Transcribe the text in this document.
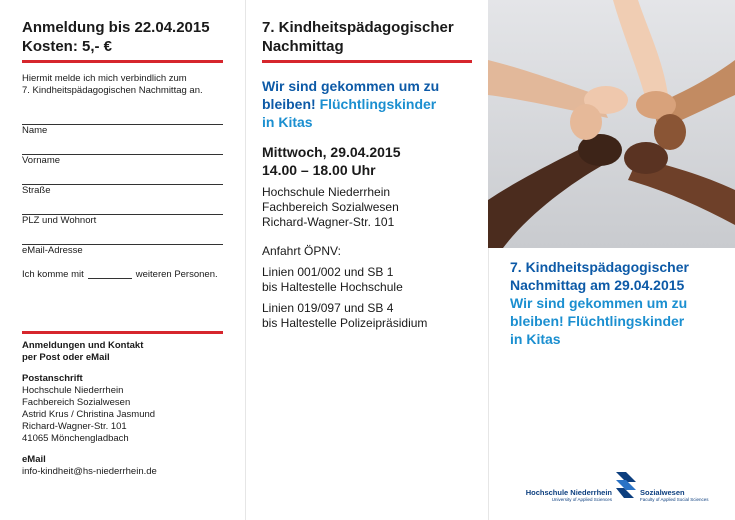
Anmeldung bis 22.04.2015
Kosten: 5,- €
Hiermit melde ich mich verbindlich zum
7. Kindheitspädagogischen Nachmittag an.
Name
Vorname
Straße
PLZ und Wohnort
eMail-Adresse
Ich komme mit	weiteren Personen.
Anmeldungen und Kontakt
per Post oder eMail
Postanschrift
Hochschule Niederrhein
Fachbereich Sozialwesen
Astrid Krus / Christina Jasmund
Richard-Wagner-Str. 101
41065 Mönchengladbach
eMail
info-kindheit@hs-niederrhein.de
7. Kindheitspädagogischer
Nachmittag
Wir sind gekommen um zu
bleiben! Flüchtlingskinder
in Kitas
Mittwoch, 29.04.2015
14.00 – 18.00 Uhr
Hochschule Niederrhein
Fachbereich Sozialwesen
Richard-Wagner-Str. 101
Anfahrt ÖPNV:
Linien 001/002 und SB 1
bis Haltestelle Hochschule
Linien 019/097 und SB 4
bis Haltestelle Polizeipräsidium
7. Kindheitspädagogischer
Nachmittag am 29.04.2015
Wir sind gekommen um zu
bleiben! Flüchtlingskinder
in Kitas
Hochschule Niederrhein
University of Applied Sciences
Sozialwesen
Faculty of Applied Social Sciences
